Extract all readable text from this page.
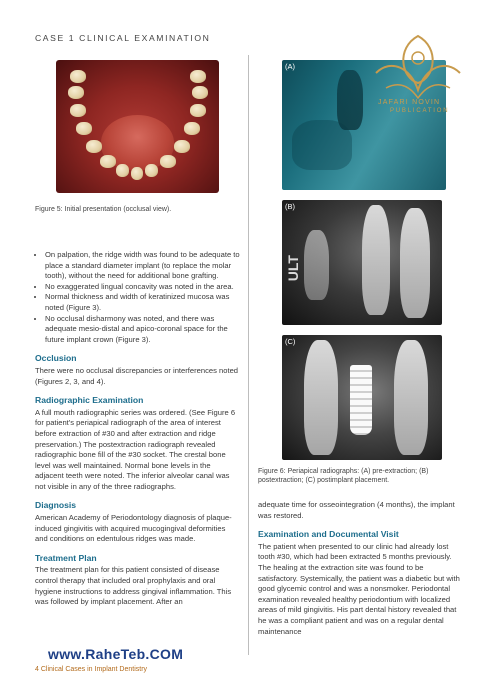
CASE 1 CLINICAL EXAMINATION
Figure 5: Initial presentation (occlusal view).
• On palpation, the ridge width was found to be adequate to place a standard diameter implant (to replace the molar tooth), without the need for additional bone grafting.
• No exaggerated lingual concavity was noted in the area.
• Normal thickness and width of keratinized mucosa was noted (Figure 3).
• No occlusal disharmony was noted, and there was adequate mesio-distal and apico-coronal space for the future implant crown (Figure 3).
Occlusion

There were no occlusal discrepancies or interferences noted (Figures 2, 3, and 4).

Radiographic Examination

A full mouth radiographic series was ordered. (See Figure 6 for patient's periapical radiograph of the area of interest before extraction of #30 and after extraction and ridge preservation.) The postextraction radiograph revealed radiographic bone fill of the #30 socket. The crestal bone level was well maintained. Normal bone levels in the adjacent teeth were noted. The inferior alveolar canal was not visible in any of the three radiographs.

Diagnosis

American Academy of Periodontology diagnosis of plaque-induced gingivitis with acquired mucogingival deformities and conditions on edentulous ridges was made.

Treatment Plan

The treatment plan for this patient consisted of disease control therapy that included oral prophylaxis and oral hygiene instructions to address gingival inflammation. This was followed by implant placement. After an

(A)
JAFARI NOVIN
PUBLICATION
(B)
ULT
(C)
Figure 6: Periapical radiographs: (A) pre-extraction; (B) postextraction; (C) postimplant placement.

adequate time for osseointegration (4 months), the implant was restored.

Examination and Documental Visit

The patient when presented to our clinic had already lost tooth #30, which had been extracted 5 months previously. The healing at the extraction site was found to be satisfactory. Systemically, the patient was a diabetic but with good glycemic control and was a nonsmoker. Periodontal examination revealed healthy periodontium with localized areas of mild gingivitis. His part dental history revealed that he was a compliant patient and was on a regular dental maintenance

www.RaheTeb.COM
4 Clinical Cases in Implant Dentistry
